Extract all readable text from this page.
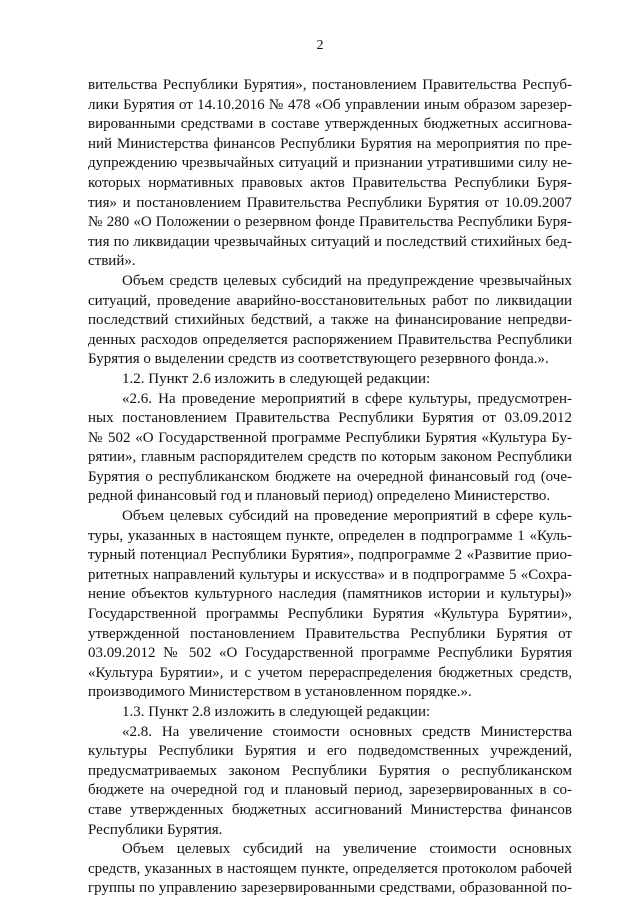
2
вительства Республики Бурятия», постановлением Правительства Респуб-
лики Бурятия от 14.10.2016 № 478 «Об управлении иным образом зарезер-
вированными средствами в составе утвержденных бюджетных ассигнова-
ний Министерства финансов Республики Бурятия на мероприятия по пре-
дупреждению чрезвычайных ситуаций и признании утратившими силу не-
которых нормативных правовых актов Правительства Республики Буря-
тия» и постановлением Правительства Республики Бурятия от 10.09.2007
№ 280 «О Положении о резервном фонде Правительства Республики Буря-
тия по ликвидации чрезвычайных ситуаций и последствий стихийных бед-
ствий».
Объем средств целевых субсидий на предупреждение чрезвычайных
ситуаций, проведение аварийно-восстановительных работ по ликвидации
последствий стихийных бедствий, а также на финансирование непредви-
денных расходов определяется распоряжением Правительства Республики
Бурятия о выделении средств из соответствующего резервного фонда.».
1.2. Пункт 2.6 изложить в следующей редакции:
«2.6. На проведение мероприятий в сфере культуры, предусмотрен-
ных постановлением Правительства Республики Бурятия от 03.09.2012
№ 502 «О Государственной программе Республики Бурятия «Культура Бу-
рятии», главным распорядителем средств по которым законом Республики
Бурятия о республиканском бюджете на очередной финансовый год (оче-
редной финансовый год и плановый период) определено Министерство.
Объем целевых субсидий на проведение мероприятий в сфере куль-
туры, указанных в настоящем пункте, определен в подпрограмме 1 «Куль-
турный потенциал Республики Бурятия», подпрограмме 2 «Развитие прио-
ритетных направлений культуры и искусства» и в подпрограмме 5 «Сохра-
нение объектов культурного наследия (памятников истории и культуры)»
Государственной программы Республики Бурятия «Культура Бурятии»,
утвержденной постановлением Правительства Республики Бурятия от
03.09.2012 № 502 «О Государственной программе Республики Бурятия
«Культура Бурятии», и с учетом перераспределения бюджетных средств,
производимого Министерством в установленном порядке.».
1.3. Пункт 2.8 изложить в следующей редакции:
«2.8. На увеличение стоимости основных средств Министерства
культуры Республики Бурятия и его подведомственных учреждений,
предусматриваемых законом Республики Бурятия о республиканском
бюджете на очередной год и плановый период, зарезервированных в со-
ставе утвержденных бюджетных ассигнований Министерства финансов
Республики Бурятия.
Объем целевых субсидий на увеличение стоимости основных
средств, указанных в настоящем пункте, определяется протоколом рабочей
группы по управлению зарезервированными средствами, образованной по-
